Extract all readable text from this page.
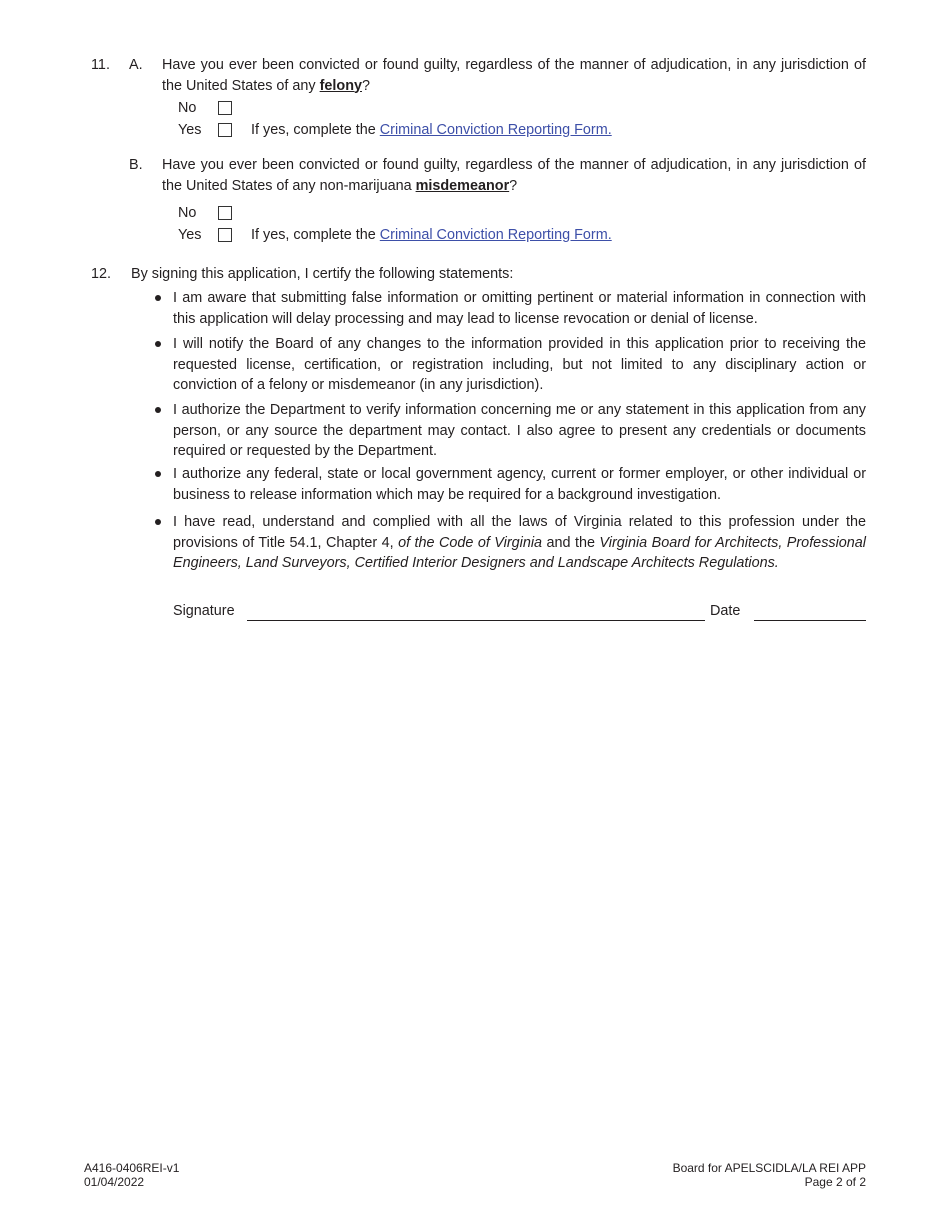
11. A. Have you ever been convicted or found guilty, regardless of the manner of adjudication, in any jurisdiction of the United States of any felony?
No
Yes	If yes, complete the Criminal Conviction Reporting Form.
B. Have you ever been convicted or found guilty, regardless of the manner of adjudication, in any jurisdiction of the United States of any non-marijuana misdemeanor?
No
Yes	If yes, complete the Criminal Conviction Reporting Form.
12. By signing this application, I certify the following statements:
I am aware that submitting false information or omitting pertinent or material information in connection with this application will delay processing and may lead to license revocation or denial of license.
I will notify the Board of any changes to the information provided in this application prior to receiving the requested license, certification, or registration including, but not limited to any disciplinary action or conviction of a felony or misdemeanor (in any jurisdiction).
I authorize the Department to verify information concerning me or any statement in this application from any person, or any source the department may contact. I also agree to present any credentials or documents required or requested by the Department.
I authorize any federal, state or local government agency, current or former employer, or other individual or business to release information which may be required for a background investigation.
I have read, understand and complied with all the laws of Virginia related to this profession under the provisions of Title 54.1, Chapter 4, of the Code of Virginia and the Virginia Board for Architects, Professional Engineers, Land Surveyors, Certified Interior Designers and Landscape Architects Regulations.
Signature	Date
A416-0406REI-v1
01/04/2022
Board for APELSCIDLA/LA REI APP
Page 2 of 2
